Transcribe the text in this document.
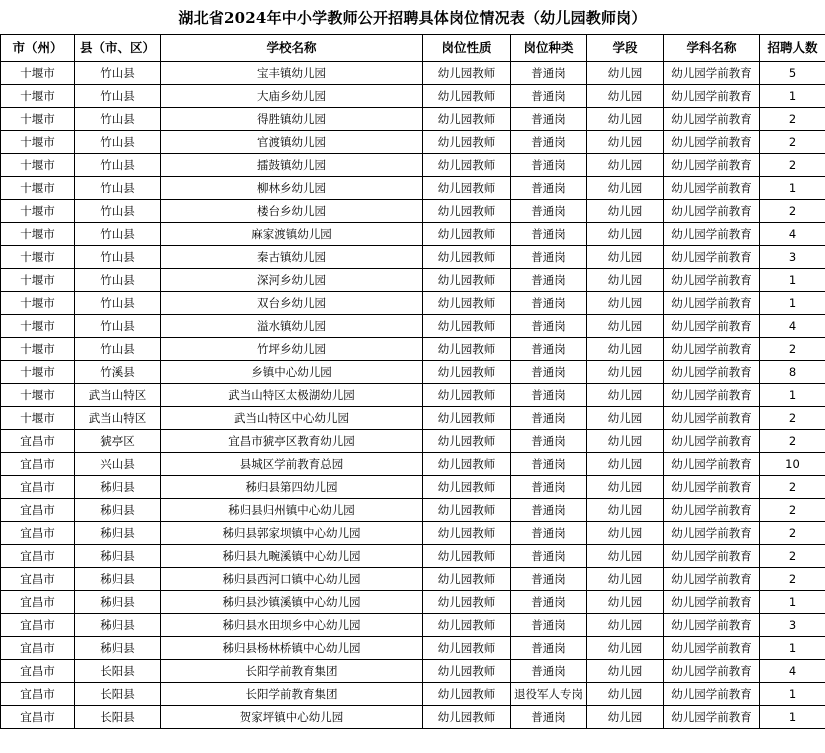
湖北省2024年中小学教师公开招聘具体岗位情况表（幼儿园教师岗）
市（州）	县（市、区）	学校名称	岗位性质	岗位种类	学段	学科名称	招聘人数
十堰市	竹山县	宝丰镇幼儿园	幼儿园教师	普通岗	幼儿园	幼儿园学前教育	5
十堰市	竹山县	大庙乡幼儿园	幼儿园教师	普通岗	幼儿园	幼儿园学前教育	1
十堰市	竹山县	得胜镇幼儿园	幼儿园教师	普通岗	幼儿园	幼儿园学前教育	2
十堰市	竹山县	官渡镇幼儿园	幼儿园教师	普通岗	幼儿园	幼儿园学前教育	2
十堰市	竹山县	擂鼓镇幼儿园	幼儿园教师	普通岗	幼儿园	幼儿园学前教育	2
十堰市	竹山县	柳林乡幼儿园	幼儿园教师	普通岗	幼儿园	幼儿园学前教育	1
十堰市	竹山县	楼台乡幼儿园	幼儿园教师	普通岗	幼儿园	幼儿园学前教育	2
十堰市	竹山县	麻家渡镇幼儿园	幼儿园教师	普通岗	幼儿园	幼儿园学前教育	4
十堰市	竹山县	秦古镇幼儿园	幼儿园教师	普通岗	幼儿园	幼儿园学前教育	3
十堰市	竹山县	深河乡幼儿园	幼儿园教师	普通岗	幼儿园	幼儿园学前教育	1
十堰市	竹山县	双台乡幼儿园	幼儿园教师	普通岗	幼儿园	幼儿园学前教育	1
十堰市	竹山县	溢水镇幼儿园	幼儿园教师	普通岗	幼儿园	幼儿园学前教育	4
十堰市	竹山县	竹坪乡幼儿园	幼儿园教师	普通岗	幼儿园	幼儿园学前教育	2
十堰市	竹溪县	乡镇中心幼儿园	幼儿园教师	普通岗	幼儿园	幼儿园学前教育	8
十堰市	武当山特区	武当山特区太极湖幼儿园	幼儿园教师	普通岗	幼儿园	幼儿园学前教育	1
十堰市	武当山特区	武当山特区中心幼儿园	幼儿园教师	普通岗	幼儿园	幼儿园学前教育	2
宜昌市	猇亭区	宜昌市猇亭区教育幼儿园	幼儿园教师	普通岗	幼儿园	幼儿园学前教育	2
宜昌市	兴山县	县城区学前教育总园	幼儿园教师	普通岗	幼儿园	幼儿园学前教育	10
宜昌市	秭归县	秭归县第四幼儿园	幼儿园教师	普通岗	幼儿园	幼儿园学前教育	2
宜昌市	秭归县	秭归县归州镇中心幼儿园	幼儿园教师	普通岗	幼儿园	幼儿园学前教育	2
宜昌市	秭归县	秭归县郭家坝镇中心幼儿园	幼儿园教师	普通岗	幼儿园	幼儿园学前教育	2
宜昌市	秭归县	秭归县九畹溪镇中心幼儿园	幼儿园教师	普通岗	幼儿园	幼儿园学前教育	2
宜昌市	秭归县	秭归县西河口镇中心幼儿园	幼儿园教师	普通岗	幼儿园	幼儿园学前教育	2
宜昌市	秭归县	秭归县沙镇溪镇中心幼儿园	幼儿园教师	普通岗	幼儿园	幼儿园学前教育	1
宜昌市	秭归县	秭归县水田坝乡中心幼儿园	幼儿园教师	普通岗	幼儿园	幼儿园学前教育	3
宜昌市	秭归县	秭归县杨林桥镇中心幼儿园	幼儿园教师	普通岗	幼儿园	幼儿园学前教育	1
宜昌市	长阳县	长阳学前教育集团	幼儿园教师	普通岗	幼儿园	幼儿园学前教育	4
宜昌市	长阳县	长阳学前教育集团	幼儿园教师	退役军人专岗	幼儿园	幼儿园学前教育	1
宜昌市	长阳县	贺家坪镇中心幼儿园	幼儿园教师	普通岗	幼儿园	幼儿园学前教育	1
